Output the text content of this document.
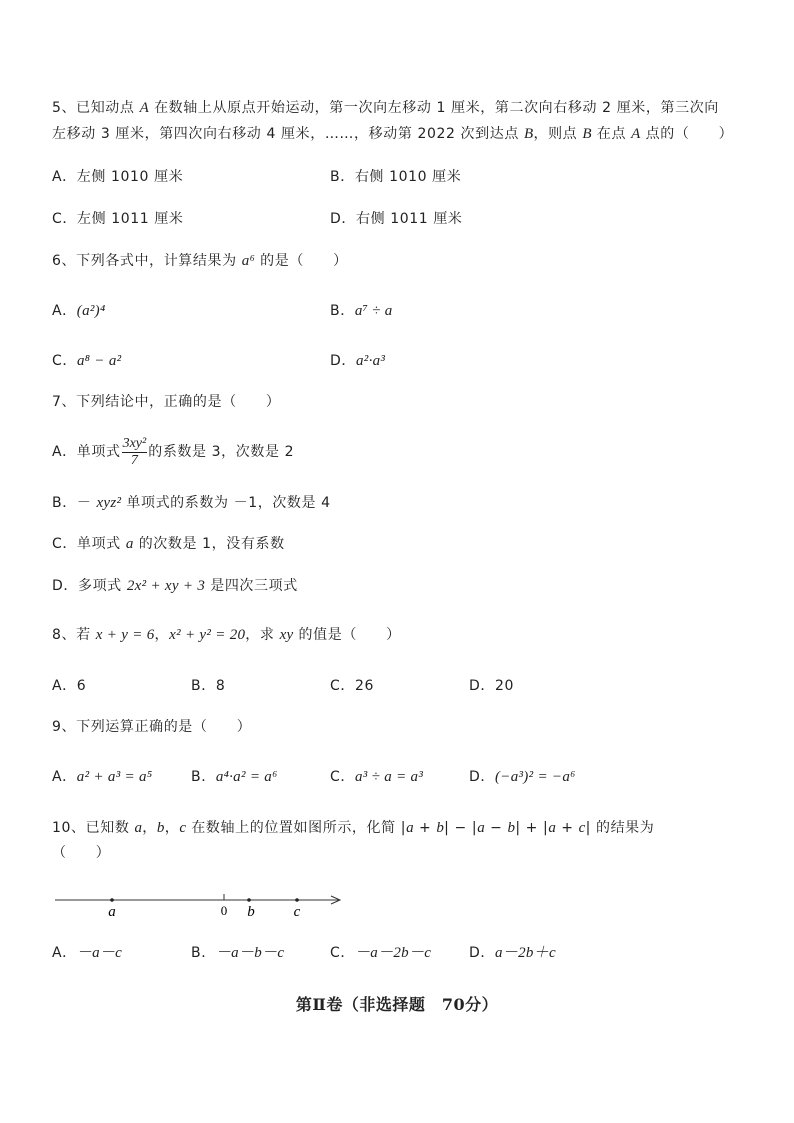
5、已知动点 A 在数轴上从原点开始运动，第一次向左移动 1 厘米，第二次向右移动 2 厘米，第三次向
左移动 3 厘米，第四次向右移动 4 厘米，……，移动第 2022 次到达点 B，则点 B 在点 A 点的（　　）
A．左侧 1010 厘米	B．右侧 1010 厘米
C．左侧 1011 厘米	D．右侧 1011 厘米
6、下列各式中，计算结果为 a⁶ 的是（　　）
A．(a²)⁴	B．a⁷ ÷ a
C．a⁸ − a²	D．a²·a³
7、下列结论中，正确的是（　　）
A．单项式 $\frac{\text{3xy²}}{7}$ 的系数是 3，次数是 2
B．－ xyz² 单项式的系数为 －1，次数是 4
C．单项式 a 的次数是 1，没有系数
D．多项式 2x² + xy + 3 是四次三项式
8、若 x + y = 6，x² + y² = 20，求 xy 的值是（　　）
A．6	B．8	C．26	D．20
9、下列运算正确的是（　　）
A．a² + a³ = a⁵	B．a⁴·a² = a⁶	C．a³ ÷ a = a³	D．(−a³)² = −a⁶
10、已知数 a，b，c 在数轴上的位置如图所示，化简 |a + b| − |a − b| + |a + c| 的结果为
（　　）
a	0 b	c
A．－a－c	B．－a－b－c	C．－a－2b－c	D．a－2b＋c
第Ⅱ卷（非选择题　70分）
